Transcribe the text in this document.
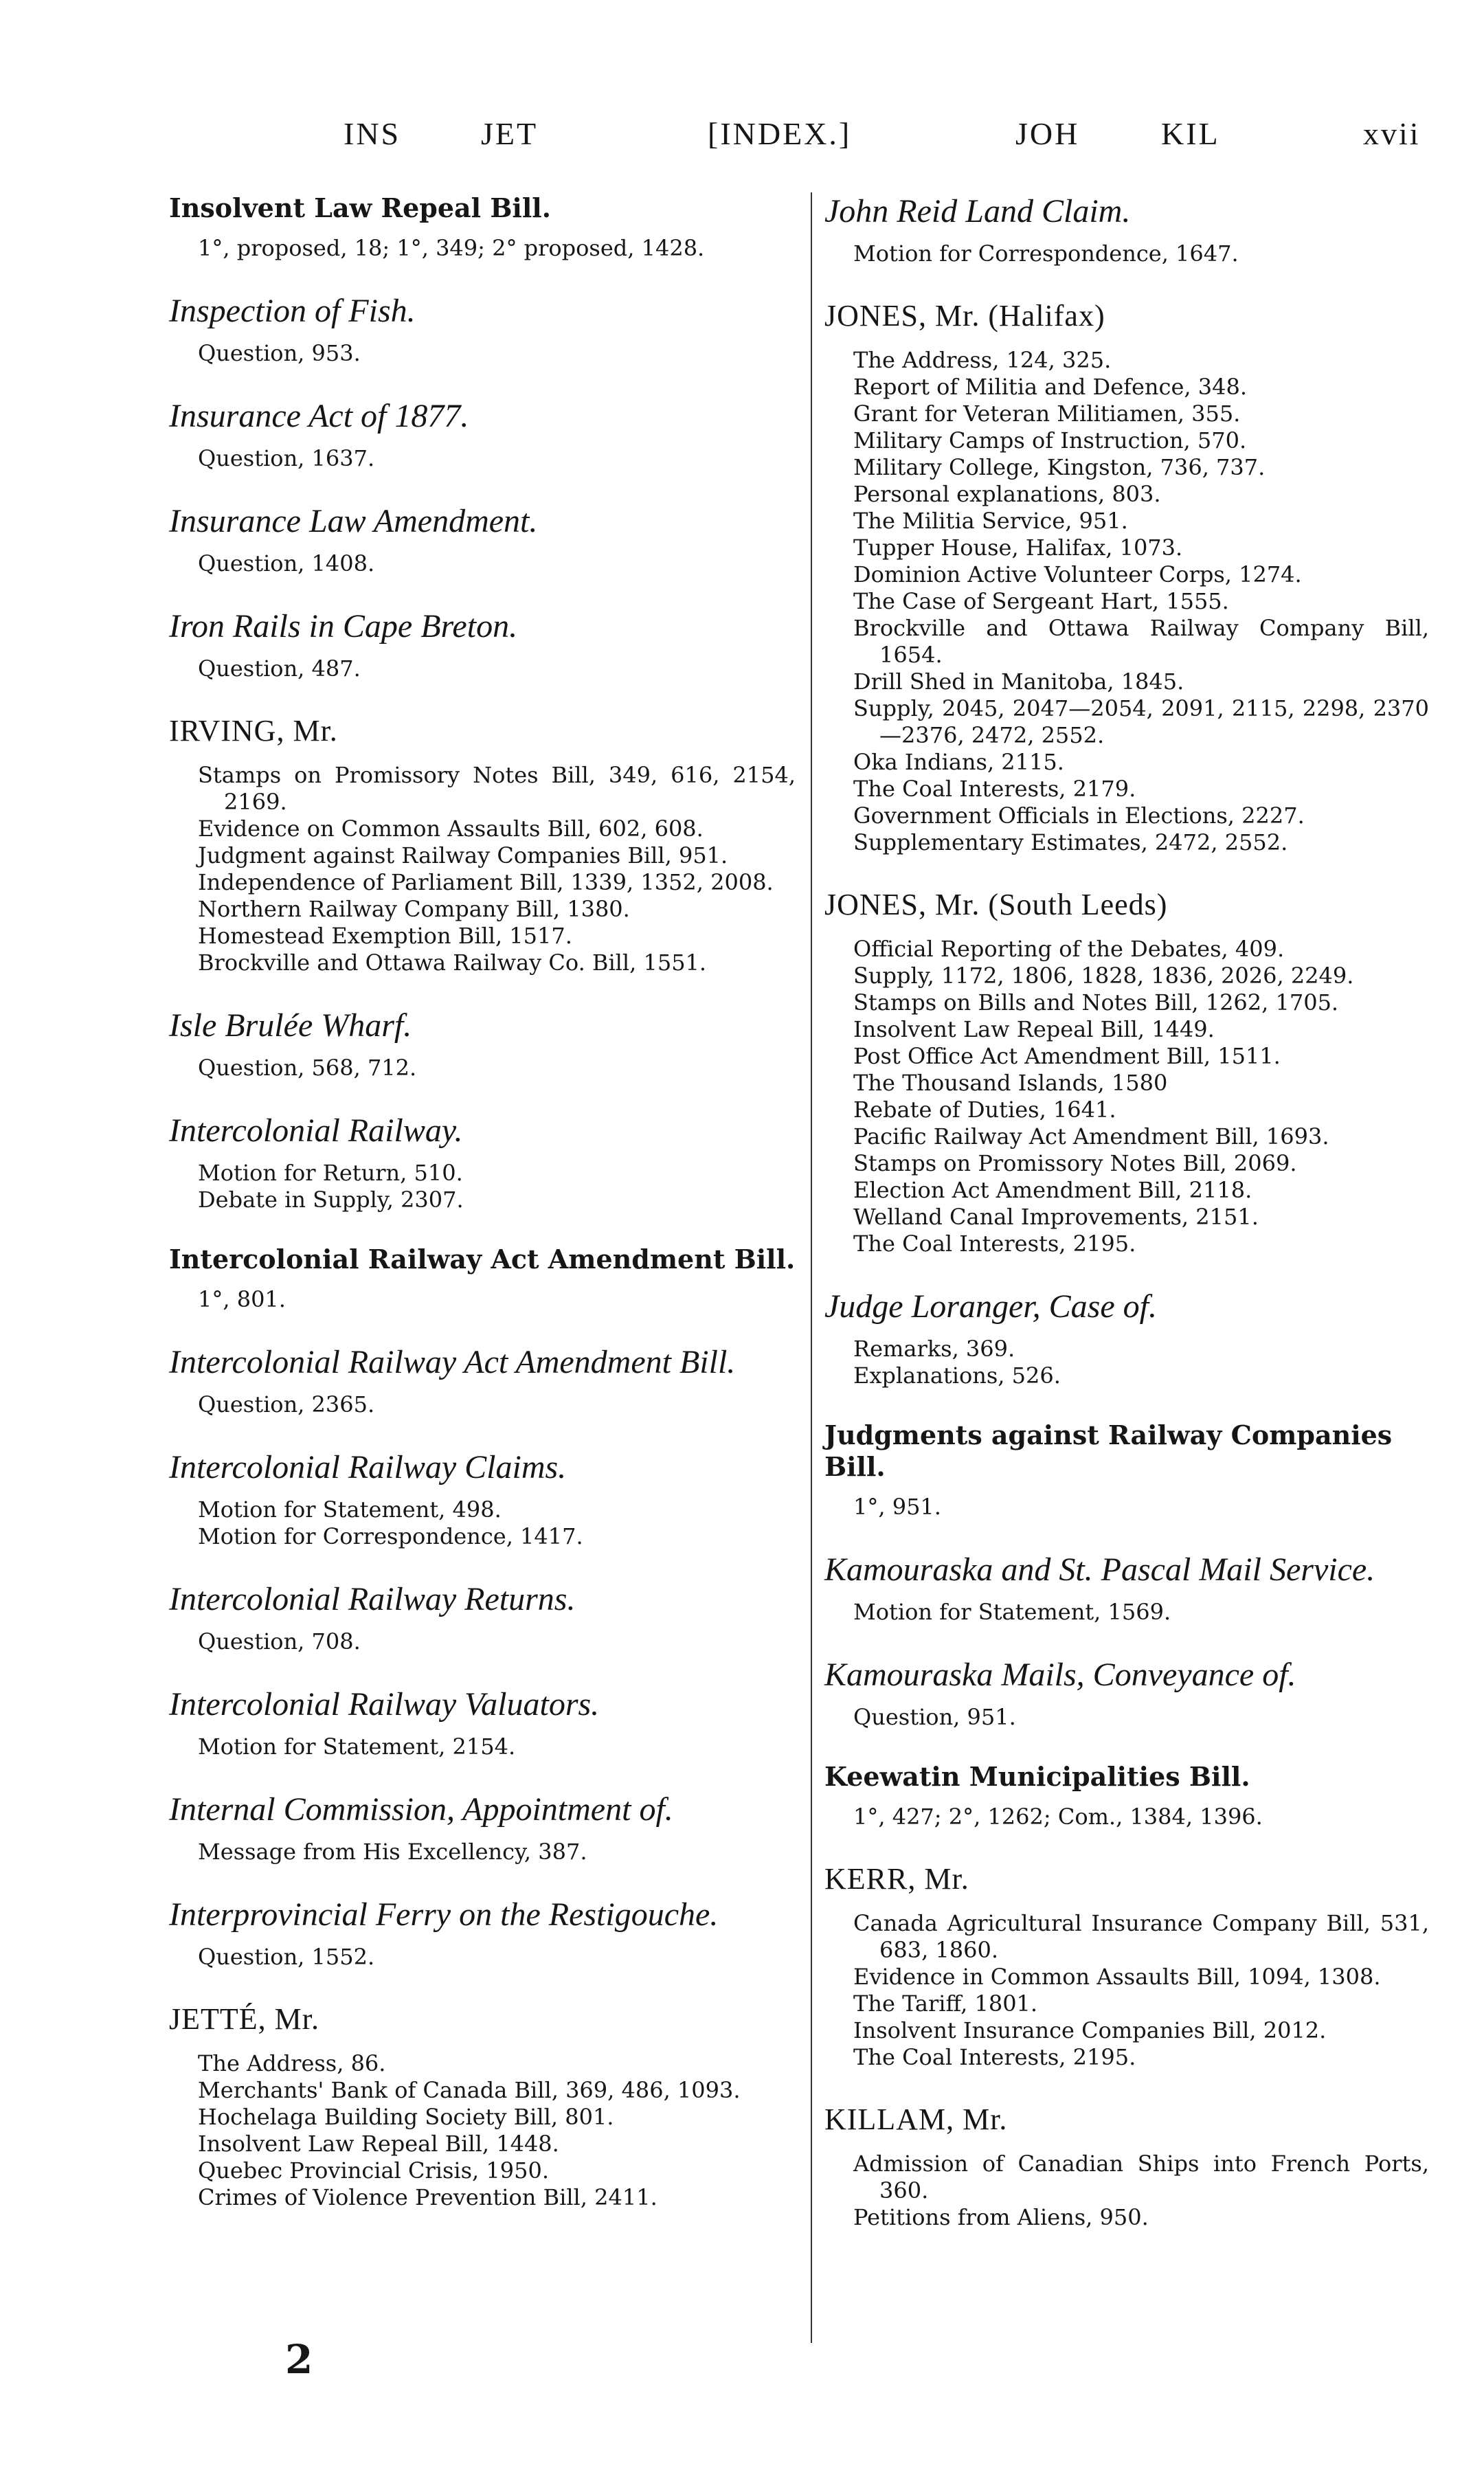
INS	JET	[INDEX.]	JOH	KIL	xvii
Insolvent Law Repeal Bill.
1°, proposed, 18; 1°, 349; 2° proposed, 1428.
Inspection of Fish.
Question, 953.
Insurance Act of 1877.
Question, 1637.
Insurance Law Amendment.
Question, 1408.
Iron Rails in Cape Breton.
Question, 487.
IRVING, Mr.
Stamps on Promissory Notes Bill, 349, 616, 2154, 2169.
Evidence on Common Assaults Bill, 602, 608.
Judgment against Railway Companies Bill, 951.
Independence of Parliament Bill, 1339, 1352, 2008.
Northern Railway Company Bill, 1380.
Homestead Exemption Bill, 1517.
Brockville and Ottawa Railway Co. Bill, 1551.
Isle Brulée Wharf.
Question, 568, 712.
Intercolonial Railway.
Motion for Return, 510.
Debate in Supply, 2307.
Intercolonial Railway Act Amendment Bill.
1°, 801.
Intercolonial Railway Act Amendment Bill.
Question, 2365.
Intercolonial Railway Claims.
Motion for Statement, 498.
Motion for Correspondence, 1417.
Intercolonial Railway Returns.
Question, 708.
Intercolonial Railway Valuators.
Motion for Statement, 2154.
Internal Commission, Appointment of.
Message from His Excellency, 387.
Interprovincial Ferry on the Restigouche.
Question, 1552.
JETTÉ, Mr.
The Address, 86.
Merchants' Bank of Canada Bill, 369, 486, 1093.
Hochelaga Building Society Bill, 801.
Insolvent Law Repeal Bill, 1448.
Quebec Provincial Crisis, 1950.
Crimes of Violence Prevention Bill, 2411.
John Reid Land Claim.
Motion for Correspondence, 1647.
JONES, Mr. (Halifax)
The Address, 124, 325.
Report of Militia and Defence, 348.
Grant for Veteran Militiamen, 355.
Military Camps of Instruction, 570.
Military College, Kingston, 736, 737.
Personal explanations, 803.
The Militia Service, 951.
Tupper House, Halifax, 1073.
Dominion Active Volunteer Corps, 1274.
The Case of Sergeant Hart, 1555.
Brockville and Ottawa Railway Company Bill, 1654.
Drill Shed in Manitoba, 1845.
Supply, 2045, 2047—2054, 2091, 2115, 2298, 2370—2376, 2472, 2552.
Oka Indians, 2115.
The Coal Interests, 2179.
Government Officials in Elections, 2227.
Supplementary Estimates, 2472, 2552.
JONES, Mr. (South Leeds)
Official Reporting of the Debates, 409.
Supply, 1172, 1806, 1828, 1836, 2026, 2249.
Stamps on Bills and Notes Bill, 1262, 1705.
Insolvent Law Repeal Bill, 1449.
Post Office Act Amendment Bill, 1511.
The Thousand Islands, 1580
Rebate of Duties, 1641.
Pacific Railway Act Amendment Bill, 1693.
Stamps on Promissory Notes Bill, 2069.
Election Act Amendment Bill, 2118.
Welland Canal Improvements, 2151.
The Coal Interests, 2195.
Judge Loranger, Case of.
Remarks, 369.
Explanations, 526.
Judgments against Railway Companies Bill.
1°, 951.
Kamouraska and St. Pascal Mail Service.
Motion for Statement, 1569.
Kamouraska Mails, Conveyance of.
Question, 951.
Keewatin Municipalities Bill.
1°, 427; 2°, 1262; Com., 1384, 1396.
KERR, Mr.
Canada Agricultural Insurance Company Bill, 531, 683, 1860.
Evidence in Common Assaults Bill, 1094, 1308.
The Tariff, 1801.
Insolvent Insurance Companies Bill, 2012.
The Coal Interests, 2195.
KILLAM, Mr.
Admission of Canadian Ships into French Ports, 360.
Petitions from Aliens, 950.
2
